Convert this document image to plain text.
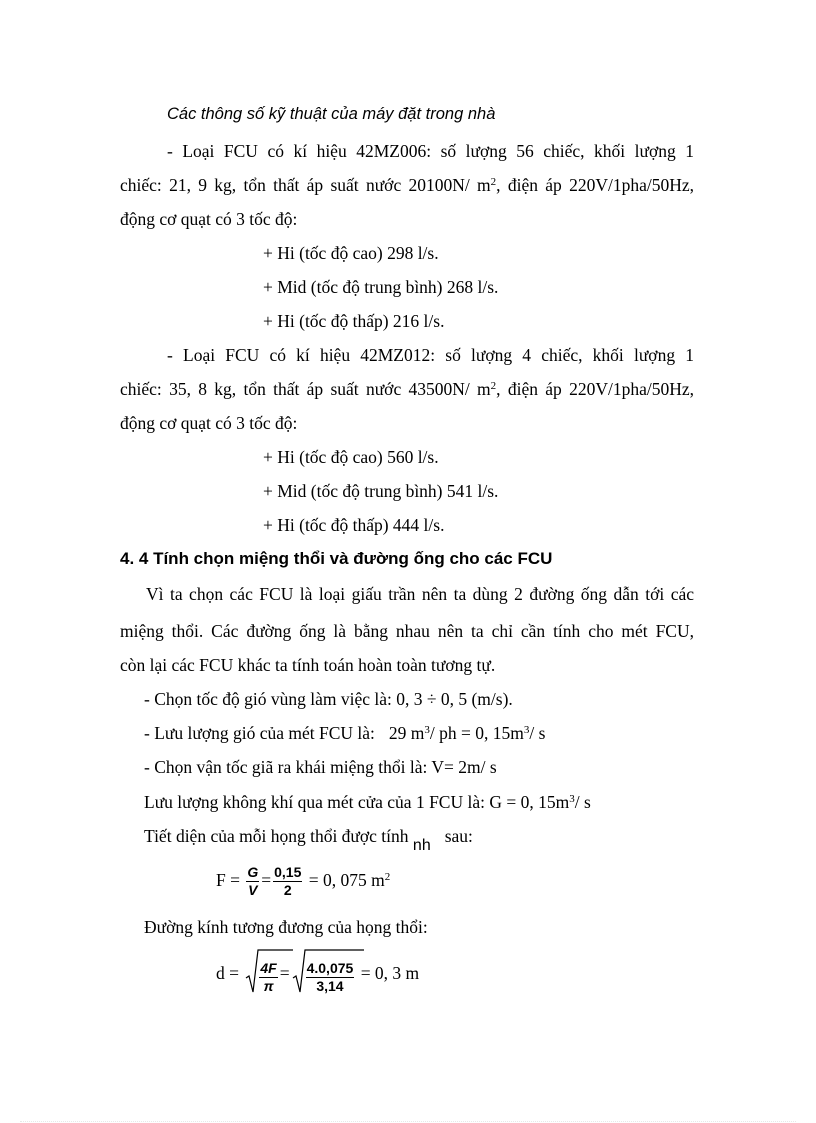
Các thông số kỹ thuật của máy đặt trong nhà
- Loại FCU có kí hiệu 42MZ006: số lượng 56 chiếc, khối lượng 1
chiếc: 21, 9 kg, tổn thất áp suất nước 20100N/ $m^2$, điện áp 220V/1pha/50Hz,
động cơ quạt có 3 tốc độ:
+ Hi (tốc độ cao) 298 l/s.
+ Mid (tốc độ trung bình) 268 l/s.
+ Hi (tốc độ thấp) 216 l/s.
- Loại FCU có kí hiệu 42MZ012: số lượng 4 chiếc, khối lượng 1
chiếc: 35, 8 kg, tổn thất áp suất nước 43500N/ $m^2$, điện áp 220V/1pha/50Hz,
động cơ quạt có 3 tốc độ:
+ Hi (tốc độ cao) 560 l/s.
+ Mid (tốc độ trung bình) 541 l/s.
+ Hi (tốc độ thấp) 444 l/s.
4. 4 Tính chọn miệng thổi và đường ống cho các FCU
Vì ta chọn các FCU là loại giấu trần nên ta dùng 2 đường ống dẫn tới các
miệng thổi. Các đường ống là bằng nhau nên ta chỉ cần tính cho mét FCU,
còn lại các FCU khác ta tính toán hoàn toàn tương tự.
- Chọn tốc độ gió vùng làm việc là: 0, 3 ÷ 0, 5 (m/s).
- Lưu lượng gió của mét FCU là: 29 $m^3/$ ph = 0, $15m^3/$ s
- Chọn vận tốc giã ra khái miệng thổi là: V= 2m/ s
Lưu lượng không khí qua mét cửa của 1 FCU là: G = 0, $15m^3/$ s
Tiết diện của mỗi họng thổi được tính nh sau:
$F = \frac{G}{V} = \frac{0,15}{2} = 0$, 075 $m^2$
Đường kính tương đương của họng thổi:
$d = \frac{4F}{\pi} = \frac{4.0,075}{3,14} = 0$, 3 m
